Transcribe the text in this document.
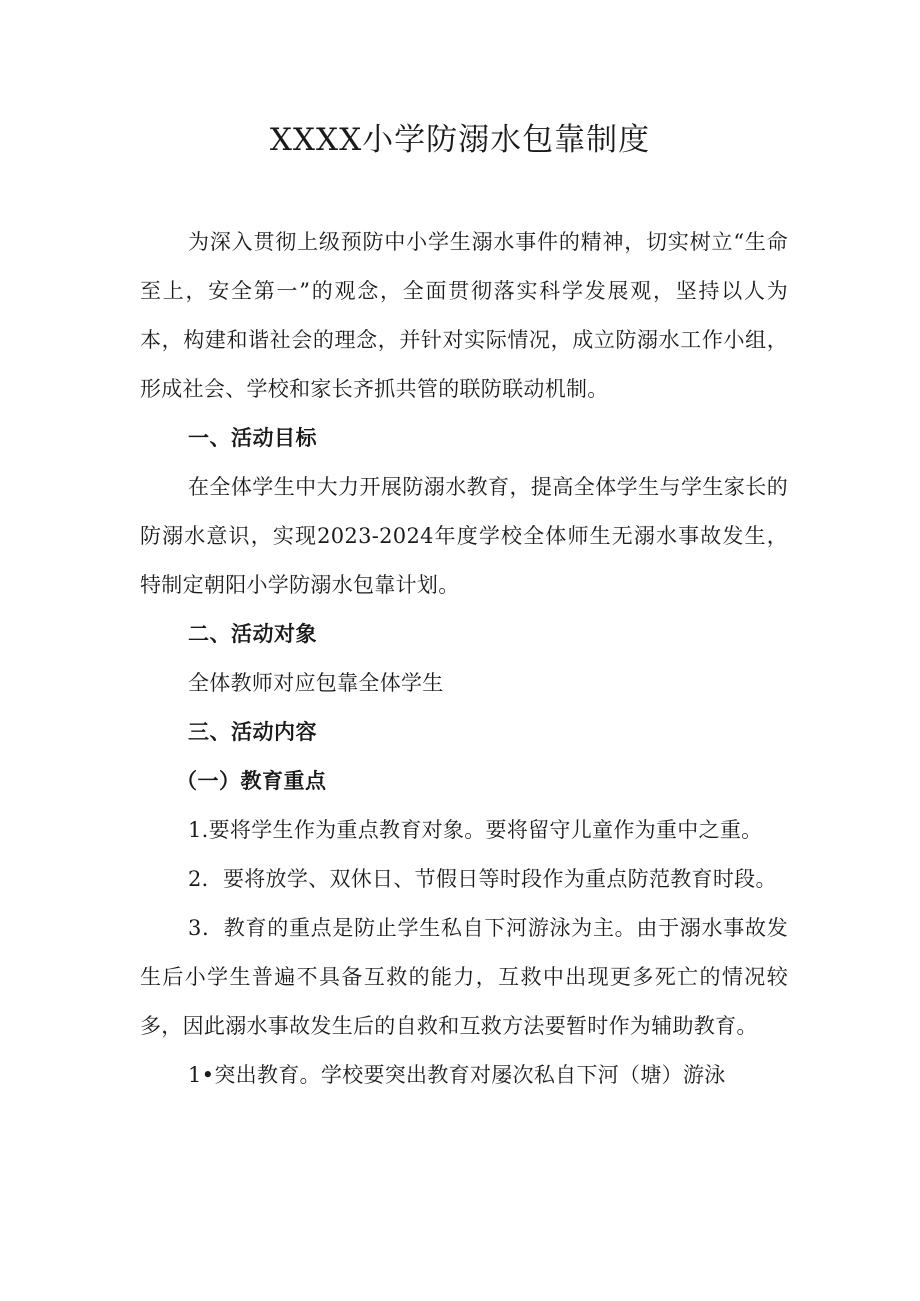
XXXX小学防溺水包靠制度

为深入贯彻上级预防中小学生溺水事件的精神，切实树立“生命至上，安全第一”的观念，全面贯彻落实科学发展观，坚持以人为本，构建和谐社会的理念，并针对实际情况，成立防溺水工作小组，形成社会、学校和家长齐抓共管的联防联动机制。

一、活动目标

在全体学生中大力开展防溺水教育，提高全体学生与学生家长的防溺水意识，实现2023-2024年度学校全体师生无溺水事故发生，特制定朝阳小学防溺水包靠计划。

二、活动对象

全体教师对应包靠全体学生

三、活动内容

（一）教育重点

1.要将学生作为重点教育对象。要将留守儿童作为重中之重。

2．要将放学、双休日、节假日等时段作为重点防范教育时段。

3．教育的重点是防止学生私自下河游泳为主。由于溺水事故发生后小学生普遍不具备互救的能力，互救中出现更多死亡的情况较多，因此溺水事故发生后的自救和互救方法要暂时作为辅助教育。

1•突出教育。学校要突出教育对屡次私自下河（塘）游泳
